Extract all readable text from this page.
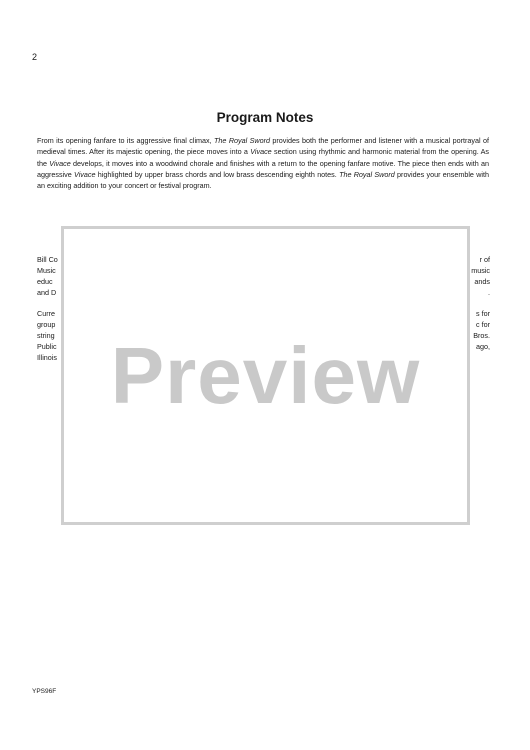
2
Program Notes

From its opening fanfare to its aggressive final climax, The Royal Sword provides both the performer and listener with a musical portrayal of medieval times. After its majestic opening, the piece moves into a Vivace section using rhythmic and harmonic material from the opening. As the Vivace develops, it moves into a woodwind chorale and finishes with a return to the opening fanfare motive. The piece then ends with an aggressive Vivace highlighted by upper brass chords and low brass descending eighth notes. The Royal Sword provides your ensemble with an exciting addition to your concert or festival program.

Bill Co
Music
educ
and D
Curre
group
string
Public
Illinois
r of
music
ands
.
s for
c for
Bros.
ago,
Preview
YPS96F
